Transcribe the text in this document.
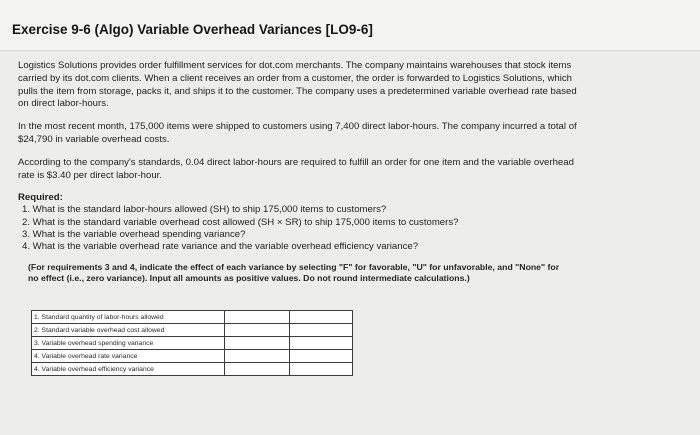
Exercise 9-6 (Algo) Variable Overhead Variances [LO9-6]

Logistics Solutions provides order fulfillment services for dot.com merchants. The company maintains warehouses that stock items
carried by its dot.com clients. When a client receives an order from a customer, the order is forwarded to Logistics Solutions, which
pulls the item from storage, packs it, and ships it to the customer. The company uses a predetermined variable overhead rate based
on direct labor-hours.

In the most recent month, 175,000 items were shipped to customers using 7,400 direct labor-hours. The company incurred a total of
$24,790 in variable overhead costs.

According to the company's standards, 0.04 direct labor-hours are required to fulfill an order for one item and the variable overhead
rate is $3.40 per direct labor-hour.

Required:
1. What is the standard labor-hours allowed (SH) to ship 175,000 items to customers?
2. What is the standard variable overhead cost allowed (SH × SR) to ship 175,000 items to customers?
3. What is the variable overhead spending variance?
4. What is the variable overhead rate variance and the variable overhead efficiency variance?
(For requirements 3 and 4, indicate the effect of each variance by selecting "F" for favorable, "U" for unfavorable, and "None" for
no effect (i.e., zero variance). Input all amounts as positive values. Do not round intermediate calculations.)
1. Standard quantity of labor-hours allowed		
2. Standard variable overhead cost allowed		
3. Variable overhead spending variance		
4. Variable overhead rate variance		
4. Variable overhead efficiency variance		
